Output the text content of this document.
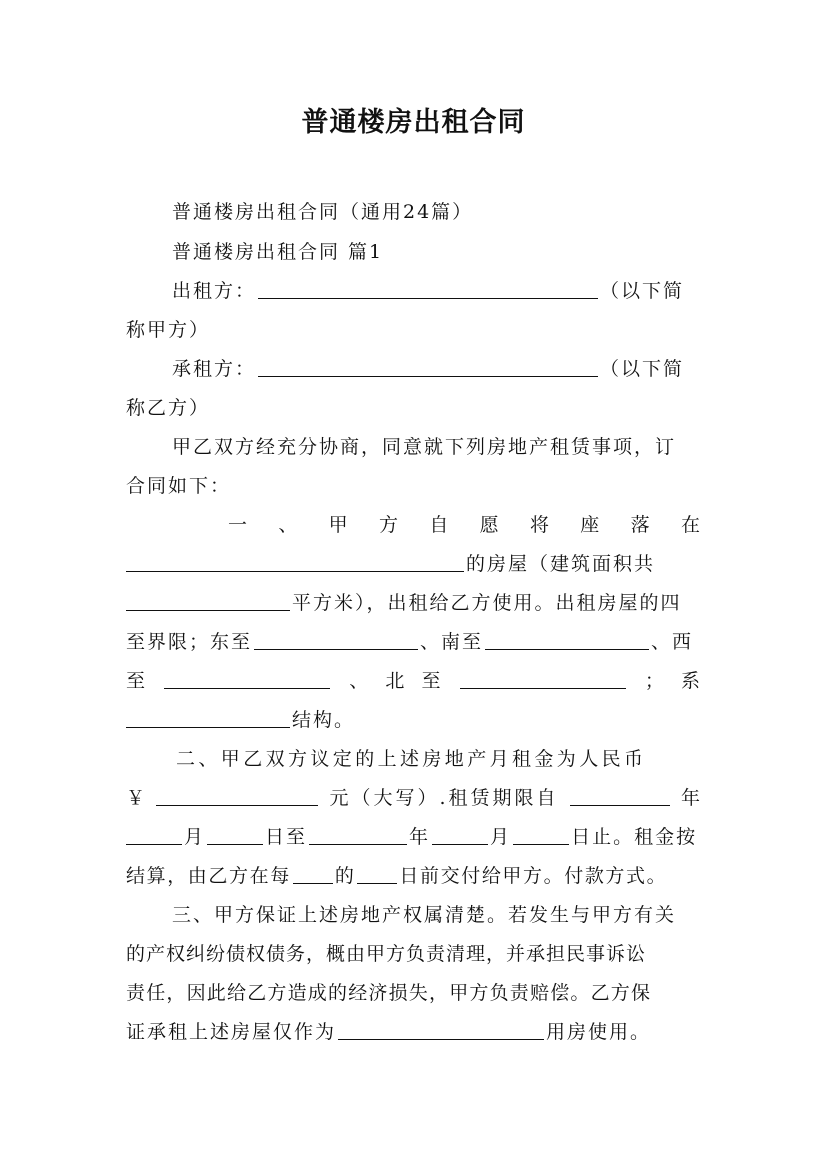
普通楼房出租合同
普通楼房出租合同（通用24篇）
普通楼房出租合同 篇1
出租方：	（以下简
称甲方）
承租方：	（以下简
称乙方）
甲乙双方经充分协商，同意就下列房地产租赁事项，订
合同如下：
一 、 甲 方 自 愿 将 座 落 在
的房屋（建筑面积共
平方米），出租给乙方使用。出租房屋的四
至界限；东至	、南至	、西
至	、 北 至	； 系
结构。
二、甲乙双方议定的上述房地产月租金为人民币
￥	元（大写）.租赁期限自	年
月	日至	年	月	日止。租金按
结算，由乙方在每 的 日前交付给甲方。付款方式。
三、甲方保证上述房地产权属清楚。若发生与甲方有关
的产权纠纷债权债务，概由甲方负责清理，并承担民事诉讼
责任，因此给乙方造成的经济损失，甲方负责赔偿。乙方保
证承租上述房屋仅作为	用房使用。
